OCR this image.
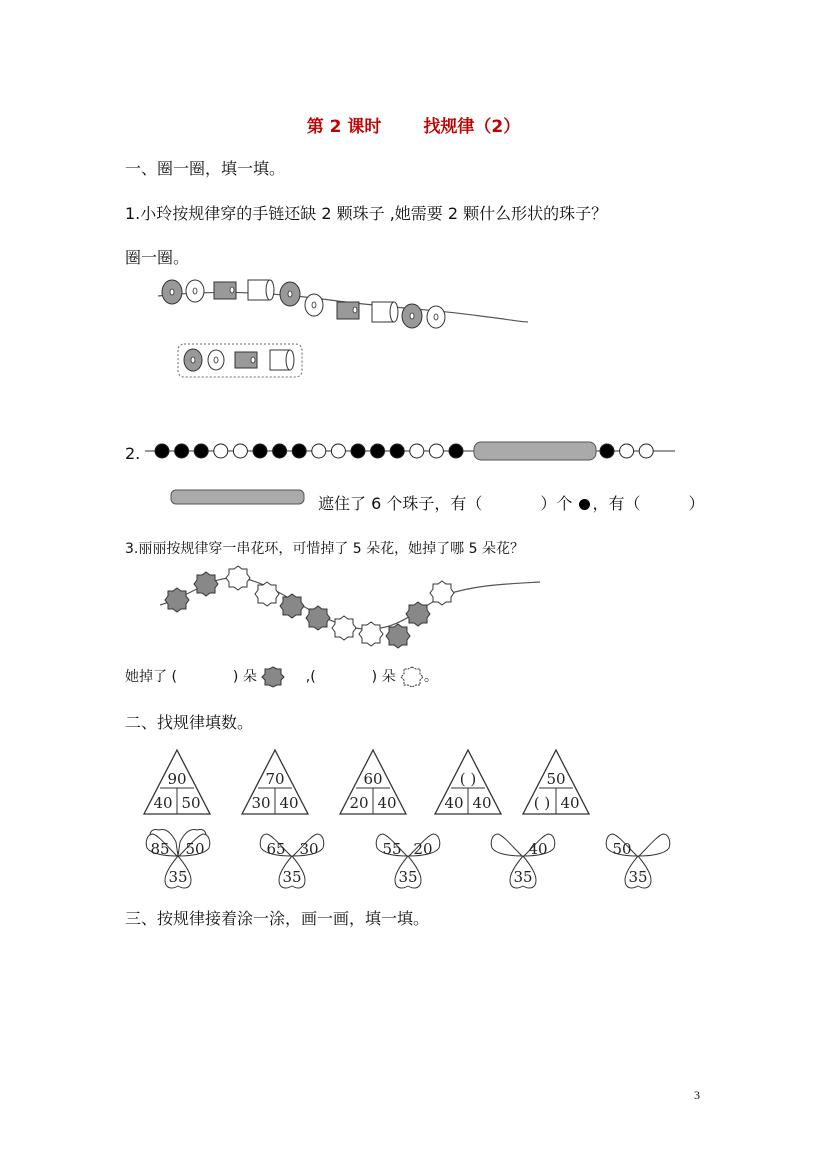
第 2 课时 找规律（2）
一、圈一圈，填一填。
1.小玲按规律穿的手链还缺 2 颗珠子 ,她需要 2 颗什么形状的珠子？
圈一圈。
2.
遮住了 6 个珠子，有（	）个 ，有（	）
3.丽丽按规律穿一串花环，可惜掉了 5 朵花，她掉了哪 5 朵花？
她掉了 (	) 朵	,(	) 朵 。
二、找规律填数。
90
40 50
70
30 40
60
20 40
( )
40 40
50
( ) 40
85 50
35
65 30
35
55 20
35
40
35
50
35
三、按规律接着涂一涂，画一画，填一填。
3
